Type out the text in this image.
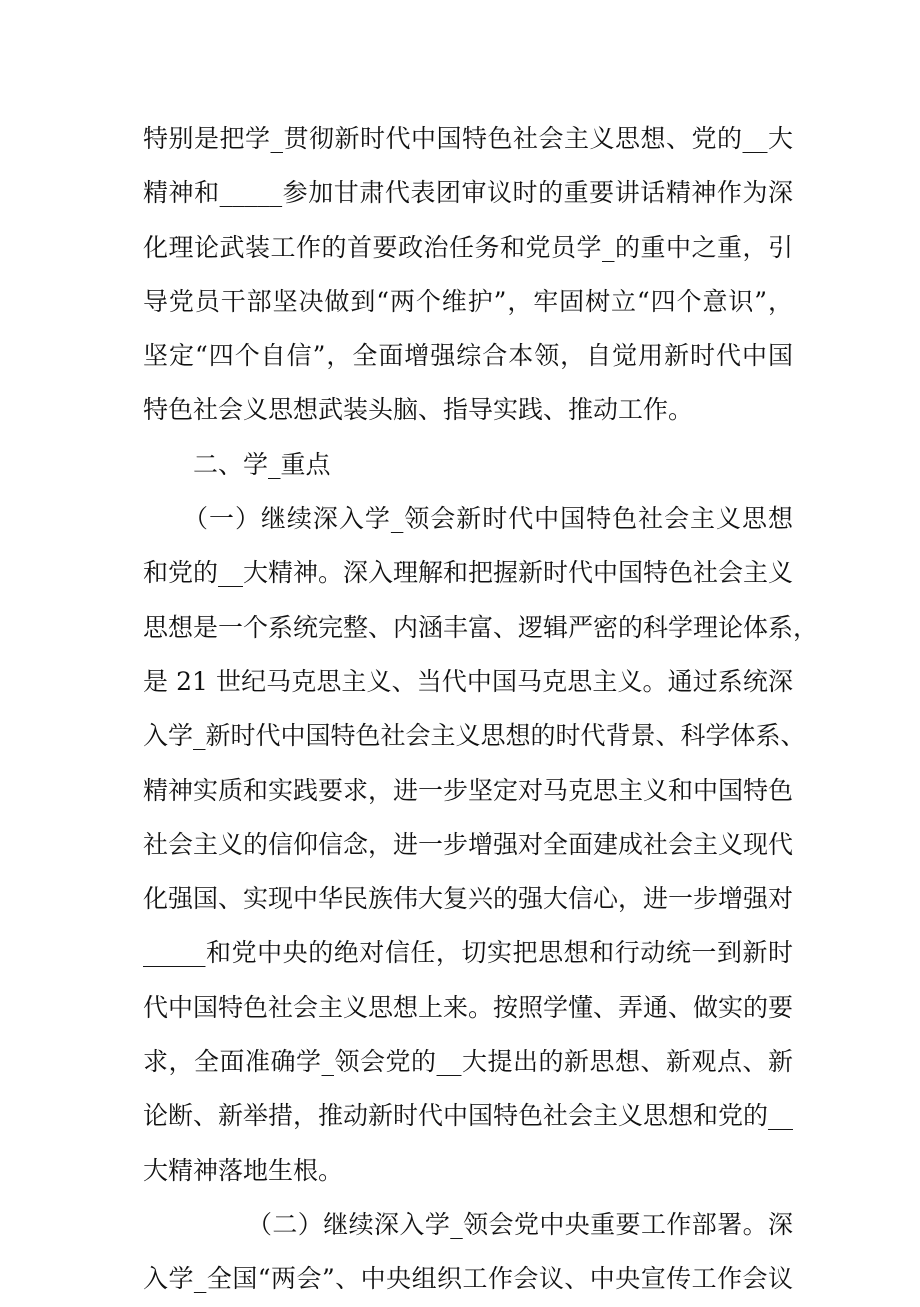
特别是把学_贯彻新时代中国特色社会主义思想、党的__大
精神和_____参加甘肃代表团审议时的重要讲话精神作为深
化理论武装工作的首要政治任务和党员学_的重中之重，引
导党员干部坚决做到“两个维护”，牢固树立“四个意识”，
坚定“四个自信”，全面增强综合本领，自觉用新时代中国
特色社会义思想武装头脑、指导实践、推动工作。
二、学_重点
（一）继续深入学_领会新时代中国特色社会主义思想
和党的__大精神。深入理解和把握新时代中国特色社会主义
思想是一个系统完整、内涵丰富、逻辑严密的科学理论体系，
是 21 世纪马克思主义、当代中国马克思主义。通过系统深
入学_新时代中国特色社会主义思想的时代背景、科学体系、
精神实质和实践要求，进一步坚定对马克思主义和中国特色
社会主义的信仰信念，进一步增强对全面建成社会主义现代
化强国、实现中华民族伟大复兴的强大信心，进一步增强对
_____和党中央的绝对信任，切实把思想和行动统一到新时
代中国特色社会主义思想上来。按照学懂、弄通、做实的要
求，全面准确学_领会党的__大提出的新思想、新观点、新
论断、新举措，推动新时代中国特色社会主义思想和党的__
大精神落地生根。
（二）继续深入学_领会党中央重要工作部署。深
入学_全国“两会”、中央组织工作会议、中央宣传工作会议
